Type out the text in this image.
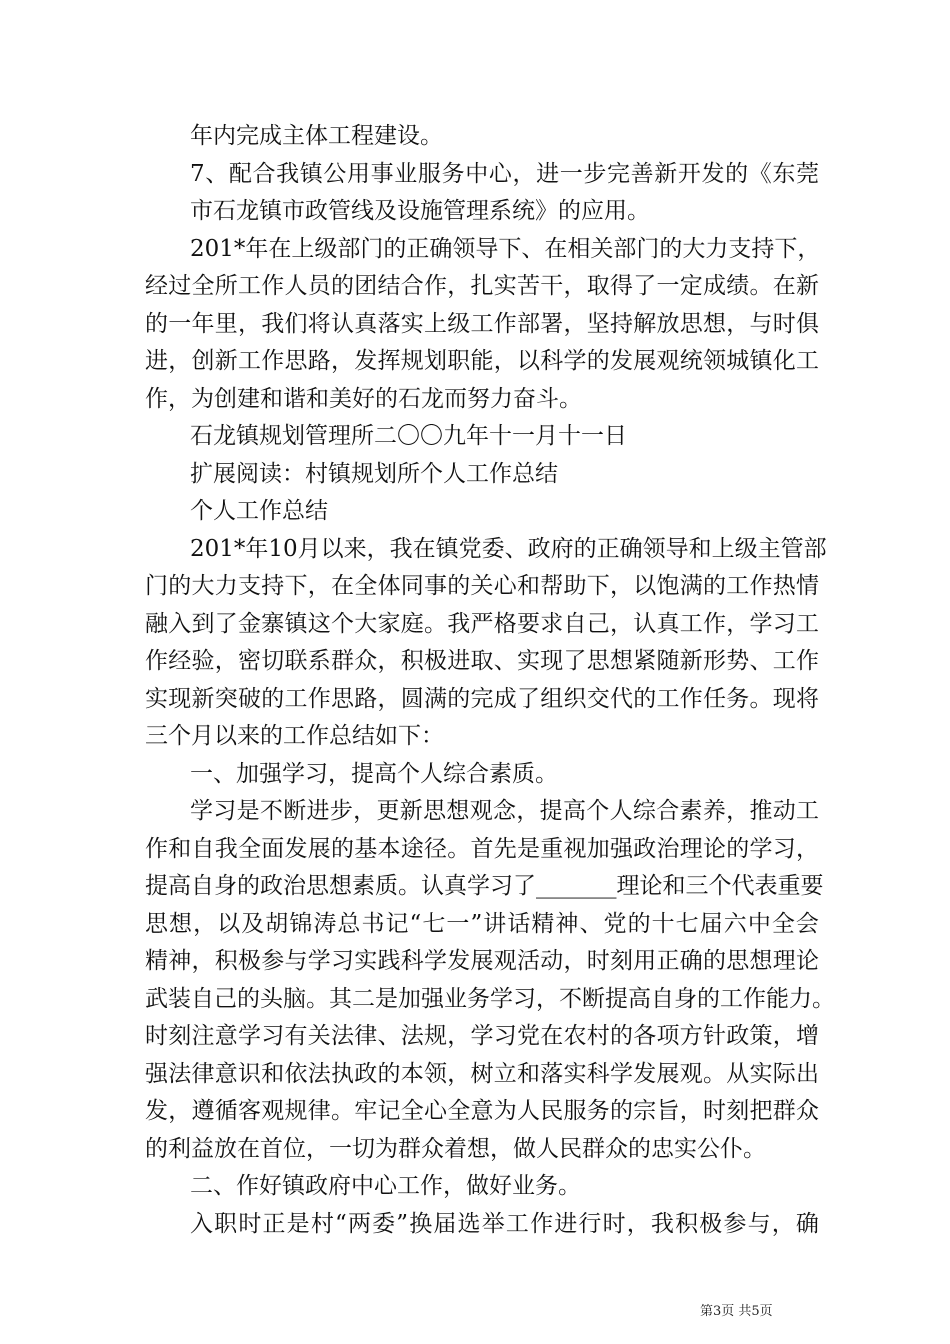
年内完成主体工程建设。
7、配合我镇公用事业服务中心，进一步完善新开发的《东莞
市石龙镇市政管线及设施管理系统》的应用。
201*年在上级部门的正确领导下、在相关部门的大力支持下，
经过全所工作人员的团结合作，扎实苦干，取得了一定成绩。在新
的一年里，我们将认真落实上级工作部署，坚持解放思想，与时俱
进，创新工作思路，发挥规划职能，以科学的发展观统领城镇化工
作，为创建和谐和美好的石龙而努力奋斗。
石龙镇规划管理所二〇〇九年十一月十一日
扩展阅读：村镇规划所个人工作总结
个人工作总结
201*年10月以来，我在镇党委、政府的正确领导和上级主管部
门的大力支持下，在全体同事的关心和帮助下，以饱满的工作热情
融入到了金寨镇这个大家庭。我严格要求自己，认真工作，学习工
作经验，密切联系群众，积极进取、实现了思想紧随新形势、工作
实现新突破的工作思路，圆满的完成了组织交代的工作任务。现将
三个月以来的工作总结如下：
一、加强学习，提高个人综合素质。
学习是不断进步，更新思想观念，提高个人综合素养，推动工
作和自我全面发展的基本途径。首先是重视加强政治理论的学习，
提高自身的政治思想素质。认真学习了_______理论和三个代表重要
思想，以及胡锦涛总书记“七一”讲话精神、党的十七届六中全会
精神，积极参与学习实践科学发展观活动，时刻用正确的思想理论
武装自己的头脑。其二是加强业务学习，不断提高自身的工作能力。
时刻注意学习有关法律、法规，学习党在农村的各项方针政策，增
强法律意识和依法执政的本领，树立和落实科学发展观。从实际出
发，遵循客观规律。牢记全心全意为人民服务的宗旨，时刻把群众
的利益放在首位，一切为群众着想，做人民群众的忠实公仆。
二、作好镇政府中心工作，做好业务。
入职时正是村“两委”换届选举工作进行时，我积极参与，确
第3页 共5页
